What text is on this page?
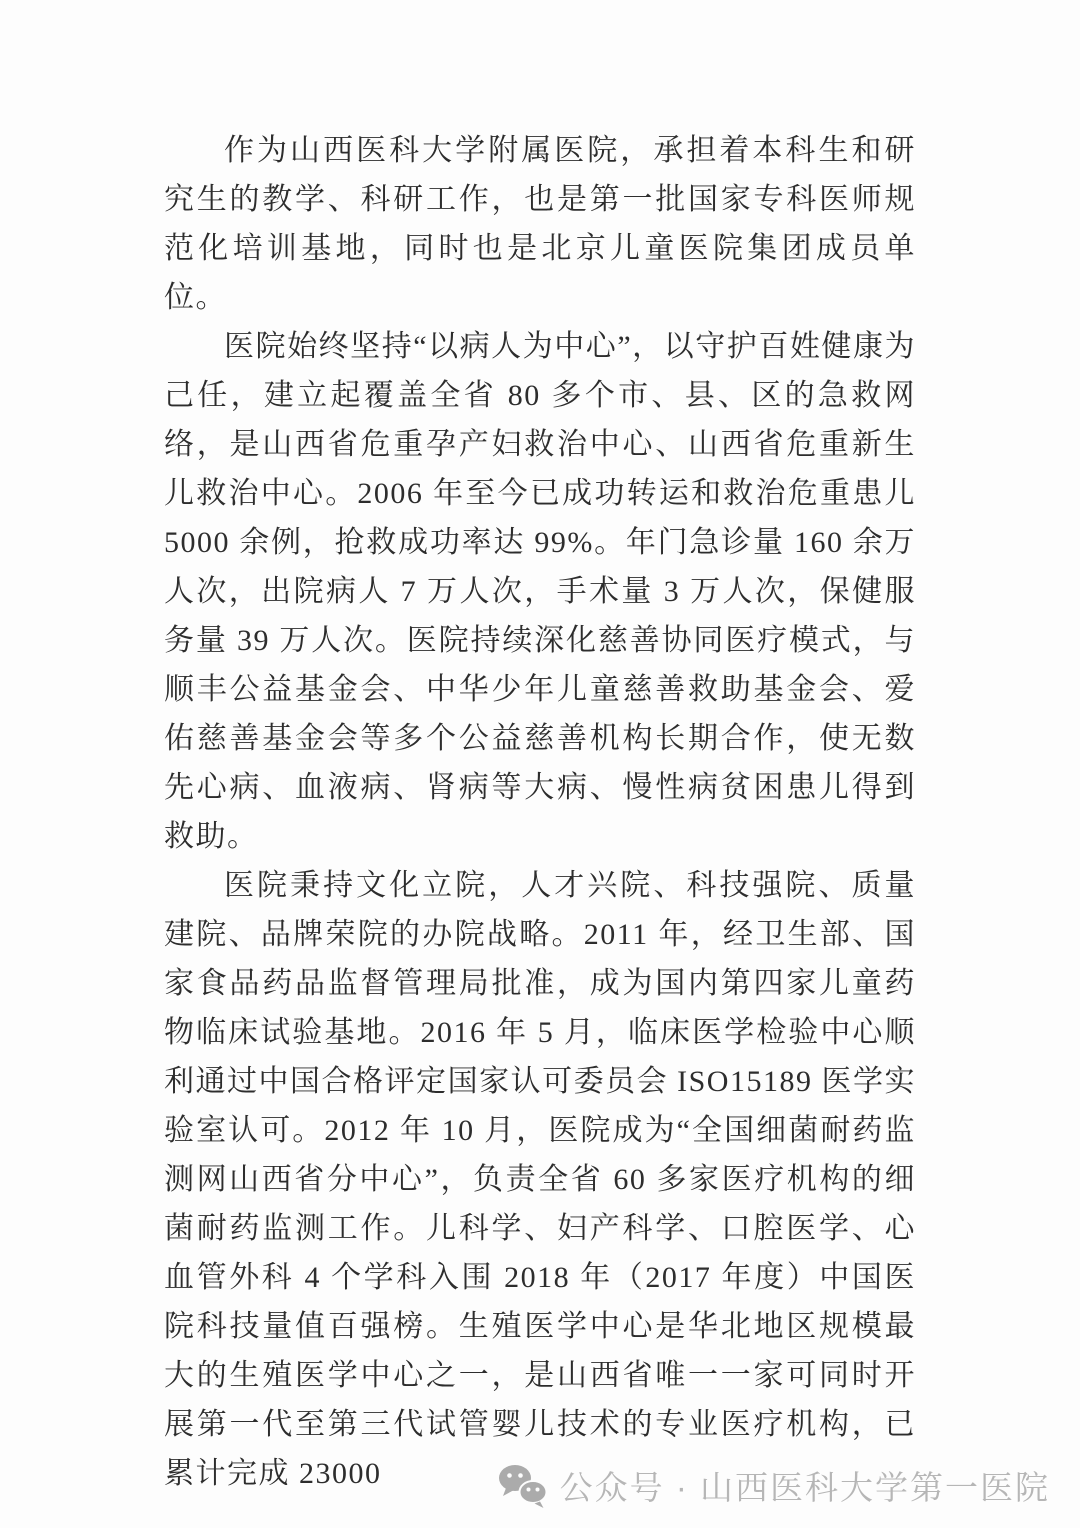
作为山西医科大学附属医院，承担着本科生和研究生的教学、科研工作，也是第一批国家专科医师规范化培训基地，同时也是北京儿童医院集团成员单位。

医院始终坚持“以病人为中心”，以守护百姓健康为己任，建立起覆盖全省 80 多个市、县、区的急救网络，是山西省危重孕产妇救治中心、山西省危重新生儿救治中心。2006 年至今已成功转运和救治危重患儿 5000 余例，抢救成功率达 99%。年门急诊量 160 余万人次，出院病人 7 万人次，手术量 3 万人次，保健服务量 39 万人次。医院持续深化慈善协同医疗模式，与顺丰公益基金会、中华少年儿童慈善救助基金会、爱佑慈善基金会等多个公益慈善机构长期合作，使无数先心病、血液病、肾病等大病、慢性病贫困患儿得到救助。

医院秉持文化立院，人才兴院、科技强院、质量建院、品牌荣院的办院战略。2011 年，经卫生部、国家食品药品监督管理局批准，成为国内第四家儿童药物临床试验基地。2016 年 5 月，临床医学检验中心顺利通过中国合格评定国家认可委员会 ISO15189 医学实验室认可。2012 年 10 月，医院成为“全国细菌耐药监测网山西省分中心”，负责全省 60 多家医疗机构的细菌耐药监测工作。儿科学、妇产科学、口腔医学、心血管外科 4 个学科入围 2018 年（2017 年度）中国医院科技量值百强榜。生殖医学中心是华北地区规模最大的生殖医学中心之一，是山西省唯一一家可同时开展第一代至第三代试管婴儿技术的专业医疗机构，已累计完成 23000	公众号 · 山西医科大学第一医院
